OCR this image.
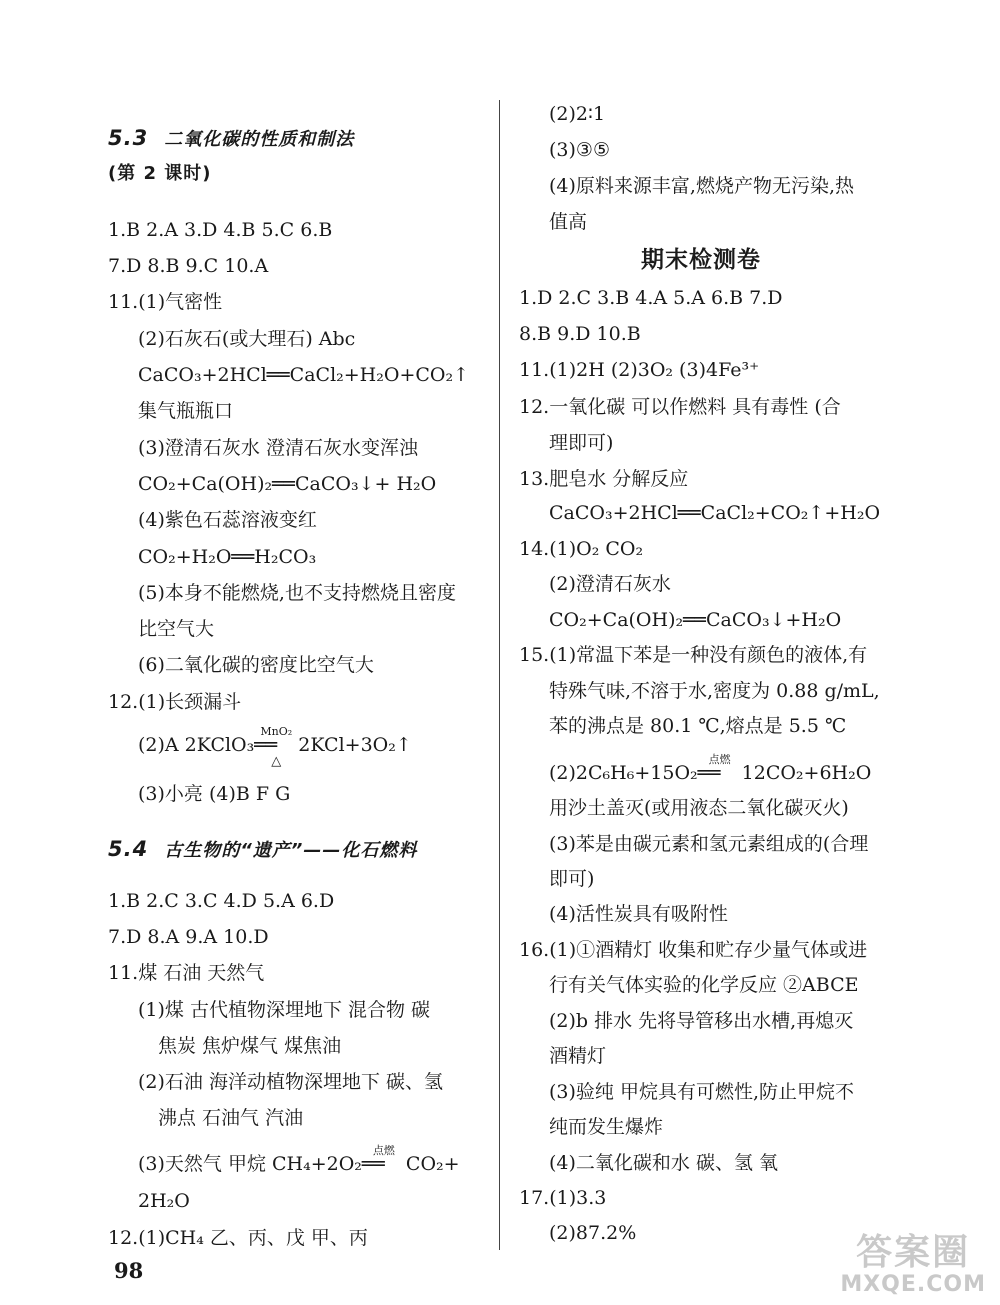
5.3 二氧化碳的性质和制法
(第 2 课时)
1.B 2.A 3.D 4.B 5.C 6.B
7.D 8.B 9.C 10.A
11.(1)气密性
(2)石灰石(或大理石) Abc
CaCO₃+2HCl══CaCl₂+H₂O+CO₂↑
集气瓶瓶口
(3)澄清石灰水 澄清石灰水变浑浊
CO₂+Ca(OH)₂══CaCO₃↓+ H₂O
(4)紫色石蕊溶液变红
CO₂+H₂O══H₂CO₃
(5)本身不能燃烧,也不支持燃烧且密度
比空气大
(6)二氧化碳的密度比空气大
12.(1)长颈漏斗
(2)A 2KClO₃
MnO₂
══
△
2KCl+3O₂↑
(3)小亮 (4)B F G
5.4 古生物的“遗产”——化石燃料
1.B 2.C 3.C 4.D 5.A 6.D
7.D 8.A 9.A 10.D
11.煤 石油 天然气
(1)煤 古代植物深埋地下 混合物 碳
焦炭 焦炉煤气 煤焦油
(2)石油 海洋动植物深埋地下 碳、氢
沸点 石油气 汽油
(3)天然气 甲烷 CH₄+2O₂
点燃
══ CO₂+
2H₂O
12.(1)CH₄ 乙、丙、戊 甲、丙
98
(2)2∶1
(3)③⑤
(4)原料来源丰富,燃烧产物无污染,热
值高
期末检测卷
1.D 2.C 3.B 4.A 5.A 6.B 7.D
8.B 9.D 10.B
11.(1)2H (2)3O₂ (3)4Fe³⁺
12.一氧化碳 可以作燃料 具有毒性 (合
理即可)
13.肥皂水 分解反应
CaCO₃+2HCl══CaCl₂+CO₂↑+H₂O
14.(1)O₂ CO₂
(2)澄清石灰水
CO₂+Ca(OH)₂══CaCO₃↓+H₂O
15.(1)常温下苯是一种没有颜色的液体,有
特殊气味,不溶于水,密度为 0.88 g/mL,
苯的沸点是 80.1 ℃,熔点是 5.5 ℃
(2)2C₆H₆+15O₂
点燃
══ 12CO₂+6H₂O
用沙土盖灭(或用液态二氧化碳灭火)
(3)苯是由碳元素和氢元素组成的(合理
即可)
(4)活性炭具有吸附性
16.(1)①酒精灯 收集和贮存少量气体或进
行有关气体实验的化学反应 ②ABCE
(2)b 排水 先将导管移出水槽,再熄灭
酒精灯
(3)验纯 甲烷具有可燃性,防止甲烷不
纯而发生爆炸
(4)二氧化碳和水 碳、氢 氧
17.(1)3.3
(2)87.2%	答案圈
MXQE.COM
